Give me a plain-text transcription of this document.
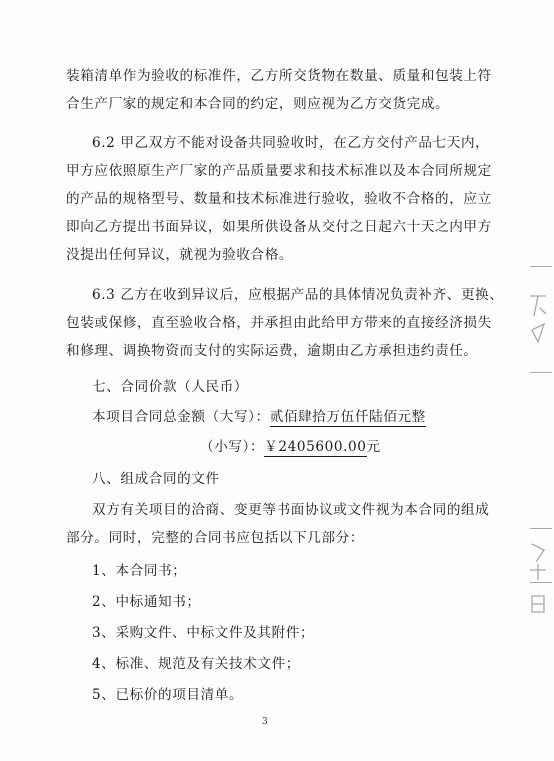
装箱清单作为验收的标准件，乙方所交货物在数量、质量和包装上符
合生产厂家的规定和本合同的约定，则应视为乙方交货完成。
6.2 甲乙双方不能对设备共同验收时，在乙方交付产品七天内，
甲方应依照原生产厂家的产品质量要求和技术标准以及本合同所规定
的产品的规格型号、数量和技术标准进行验收，验收不合格的，应立
即向乙方提出书面异议，如果所供设备从交付之日起六十天之内甲方
没提出任何异议，就视为验收合格。
6.3 乙方在收到异议后，应根据产品的具体情况负责补齐、更换、
包装或保修，直至验收合格，并承担由此给甲方带来的直接经济损失
和修理、调换物资而支付的实际运费，逾期由乙方承担违约责任。
七、合同价款（人民币）
本项目合同总金额（大写）：贰佰肆拾万伍仟陆佰元整
（小写）：￥2405600.00元
八、组成合同的文件
双方有关项目的洽商、变更等书面协议或文件视为本合同的组成
部分。同时，完整的合同书应包括以下几部分：
1、本合同书；
2、中标通知书；
3、采购文件、中标文件及其附件；
4、标准、规范及有关技术文件；
5、已标价的项目清单。
3
